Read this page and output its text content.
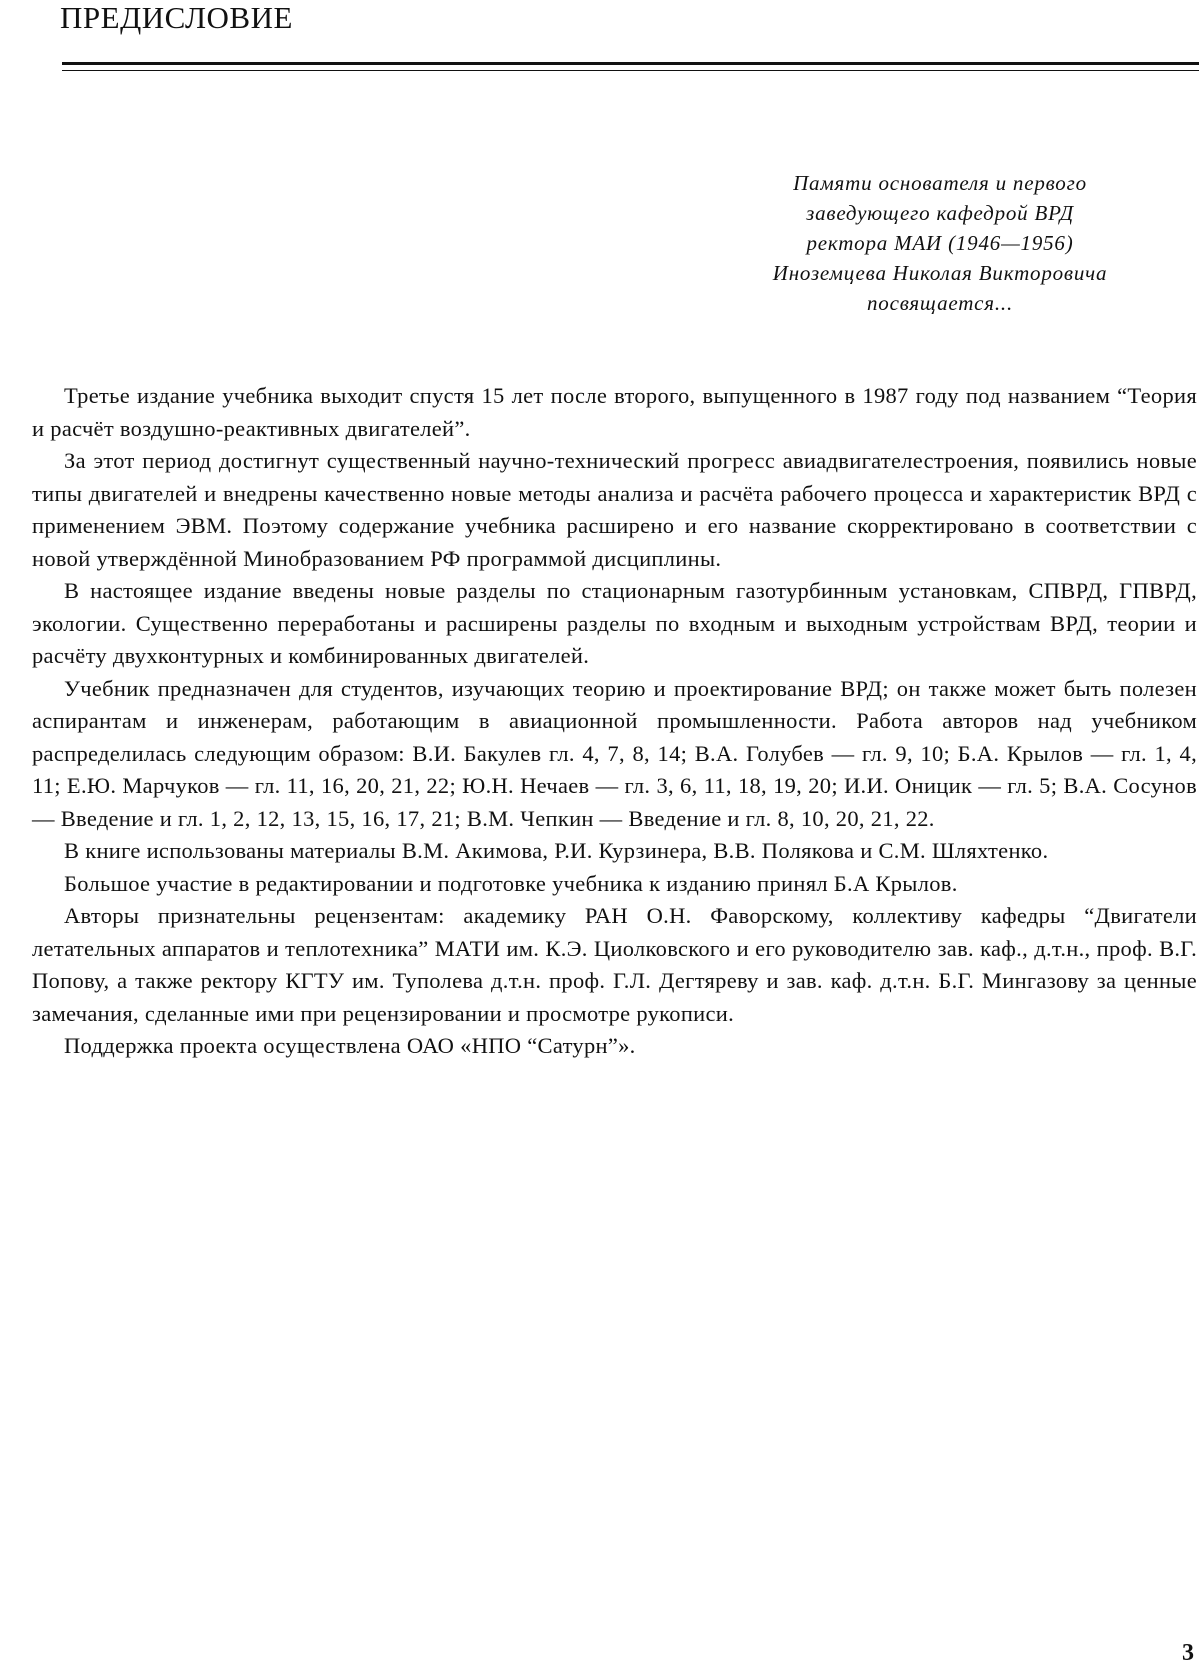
ПРЕДИСЛОВИЕ
Памяти основателя и первого
заведующего кафедрой ВРД
ректора МАИ (1946—1956)
Иноземцева Николая Викторовича
посвящается...

Третье издание учебника выходит спустя 15 лет после второго, выпущенного в 1987 году под названием “Теория и расчёт воздушно-реактивных двигателей”.

За этот период достигнут существенный научно-технический прогресс авиадвигателестроения, появились новые типы двигателей и внедрены качественно новые методы анализа и расчёта рабочего процесса и характеристик ВРД с применением ЭВМ. Поэтому содержание учебника расширено и его название скорректировано в соответствии с новой утверждённой Минобразованием РФ программой дисциплины.

В настоящее издание введены новые разделы по стационарным газотурбинным установкам, СПВРД, ГПВРД, экологии. Существенно переработаны и расширены разделы по входным и выходным устройствам ВРД, теории и расчёту двухконтурных и комбинированных двигателей.

Учебник предназначен для студентов, изучающих теорию и проектирование ВРД; он также может быть полезен аспирантам и инженерам, работающим в авиационной промышленности. Работа авторов над учебником распределилась следующим образом: В.И. Бакулев гл. 4, 7, 8, 14; В.А. Голубев — гл. 9, 10; Б.А. Крылов — гл. 1, 4, 11; Е.Ю. Марчуков — гл. 11, 16, 20, 21, 22; Ю.Н. Нечаев — гл. 3, 6, 11, 18, 19, 20; И.И. Оницик — гл. 5; В.А. Сосунов — Введение и гл. 1, 2, 12, 13, 15, 16, 17, 21; В.М. Чепкин — Введение и гл. 8, 10, 20, 21, 22.

В книге использованы материалы В.М. Акимова, Р.И. Курзинера, В.В. Полякова и С.М. Шляхтенко.

Большое участие в редактировании и подготовке учебника к изданию принял Б.А Крылов.

Авторы признательны рецензентам: академику РАН О.Н. Фаворскому, коллективу кафедры “Двигатели летательных аппаратов и теплотехника” МАТИ им. К.Э. Циолковского и его руководителю зав. каф., д.т.н., проф. В.Г. Попову, а также ректору КГТУ им. Туполева д.т.н. проф. Г.Л. Дегтяреву и зав. каф. д.т.н. Б.Г. Мингазову за ценные замечания, сделанные ими при рецензировании и просмотре рукописи.

Поддержка проекта осуществлена ОАО «НПО “Сатурн”».

3
